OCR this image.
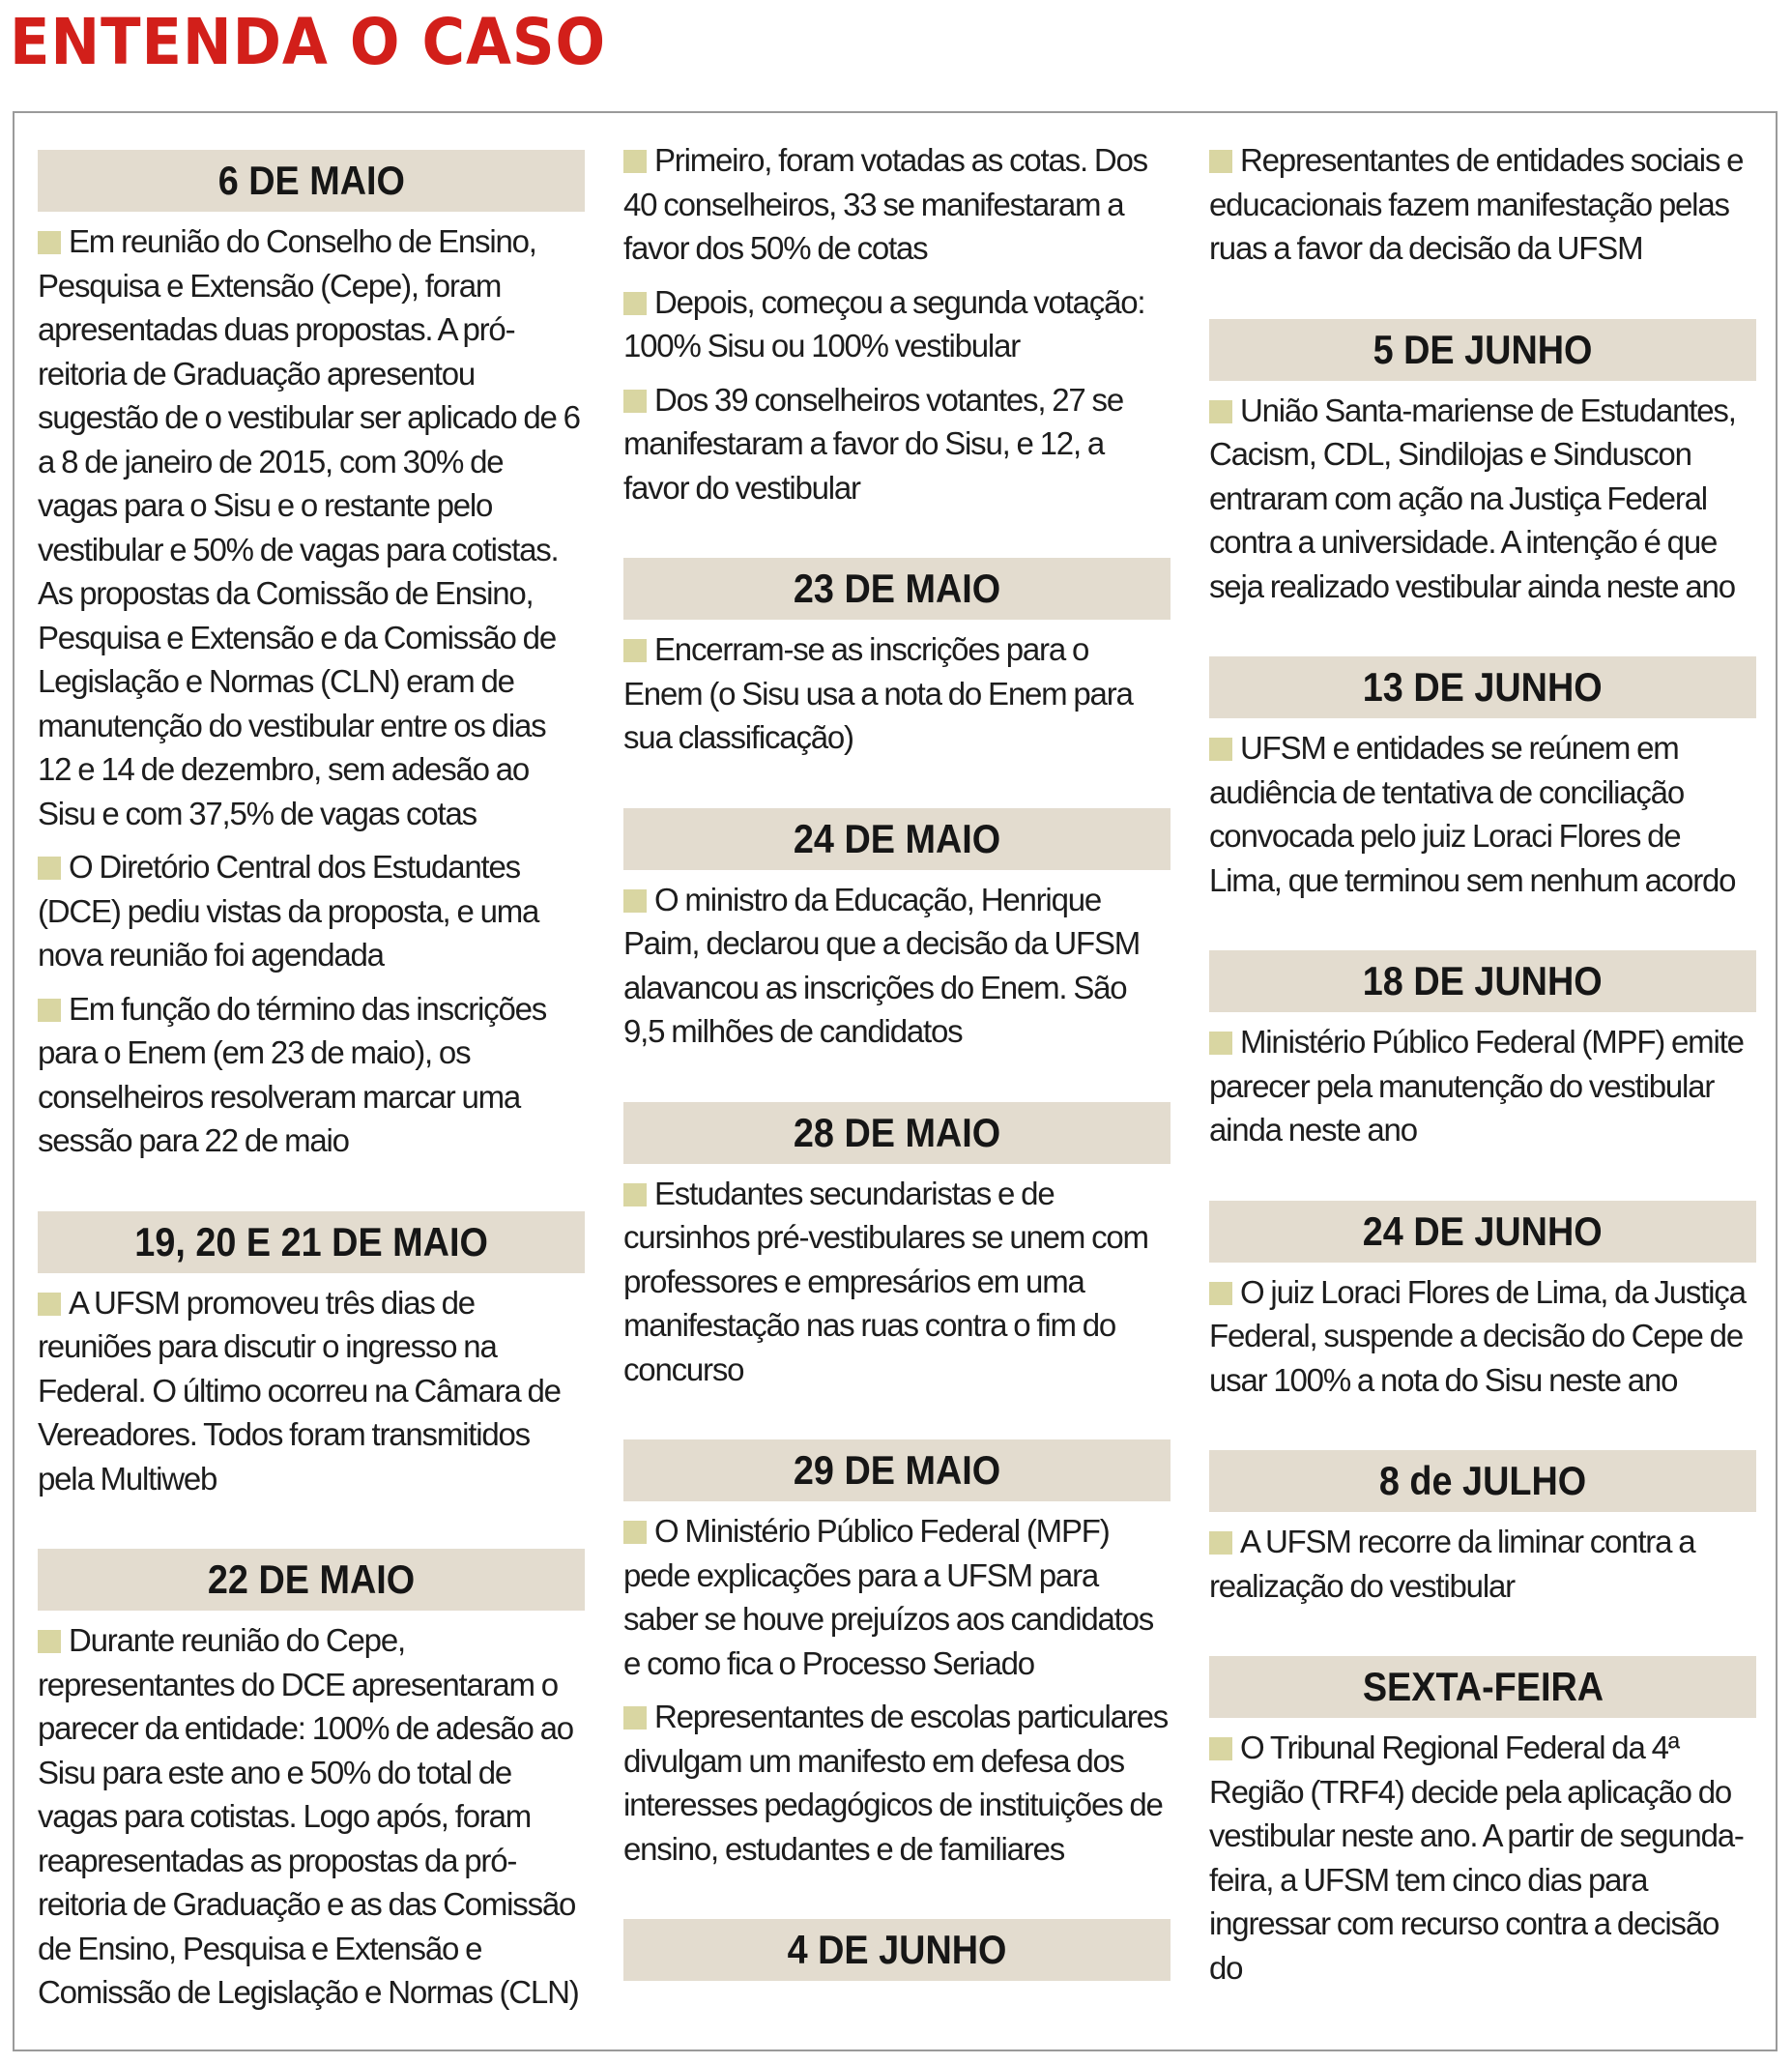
ENTENDA O CASO
6 DE MAIO

Em reunião do Conselho de Ensino, Pesquisa e Extensão (Cepe), foram apresentadas duas propostas. A pró-reitoria de Graduação apresentou sugestão de o vestibular ser aplicado de 6 a 8 de janeiro de 2015, com 30% de vagas para o Sisu e o restante pelo vestibular e 50% de vagas para cotistas. As propostas da Comissão de Ensino, Pesquisa e Extensão e da Comissão de Legislação e Normas (CLN) eram de manutenção do vestibular entre os dias 12 e 14 de dezembro, sem adesão ao Sisu e com 37,5% de vagas cotas

O Diretório Central dos Estudantes (DCE) pediu vistas da proposta, e uma nova reunião foi agendada

Em função do término das inscrições para o Enem (em 23 de maio), os conselheiros resolveram marcar uma sessão para 22 de maio

19, 20 E 21 DE MAIO

A UFSM promoveu três dias de reuniões para discutir o ingresso na Federal. O último ocorreu na Câmara de Vereadores. Todos foram transmitidos pela Multiweb

22 DE MAIO

Durante reunião do Cepe, representantes do DCE apresentaram o parecer da entidade: 100% de adesão ao Sisu para este ano e 50% do total de vagas para cotistas. Logo após, foram reapresentadas as propostas da pró-reitoria de Graduação e as das Comissão de Ensino, Pesquisa e Extensão e Comissão de Legislação e Normas (CLN)

Primeiro, foram votadas as cotas. Dos 40 conselheiros, 33 se manifestaram a favor dos 50% de cotas

Depois, começou a segunda votação: 100% Sisu ou 100% vestibular

Dos 39 conselheiros votantes, 27 se manifestaram a favor do Sisu, e 12, a favor do vestibular

23 DE MAIO

Encerram-se as inscrições para o Enem (o Sisu usa a nota do Enem para sua classificação)

24 DE MAIO

O ministro da Educação, Henrique Paim, declarou que a decisão da UFSM alavancou as inscrições do Enem. São 9,5 milhões de candidatos

28 DE MAIO

Estudantes secundaristas e de cursinhos pré-vestibulares se unem com professores e empresários em uma manifestação nas ruas contra o fim do concurso

29 DE MAIO

O Ministério Público Federal (MPF) pede explicações para a UFSM para saber se houve prejuízos aos candidatos e como fica o Processo Seriado

Representantes de escolas particulares divulgam um manifesto em defesa dos interesses pedagógicos de instituições de ensino, estudantes e de familiares

4 DE JUNHO

Representantes de entidades sociais e educacionais fazem manifestação pelas ruas a favor da decisão da UFSM

5 DE JUNHO

União Santa-mariense de Estudantes, Cacism, CDL, Sindilojas e Sinduscon entraram com ação na Justiça Federal contra a universidade. A intenção é que seja realizado vestibular ainda neste ano

13 DE JUNHO

UFSM e entidades se reúnem em audiência de tentativa de conciliação convocada pelo juiz Loraci Flores de Lima, que terminou sem nenhum acordo

18 DE JUNHO

Ministério Público Federal (MPF) emite parecer pela manutenção do vestibular ainda neste ano

24 DE JUNHO

O juiz Loraci Flores de Lima, da Justiça Federal, suspende a decisão do Cepe de usar 100% a nota do Sisu neste ano

8 de JULHO

A UFSM recorre da liminar contra a realização do vestibular

SEXTA-FEIRA

O Tribunal Regional Federal da 4ª Região (TRF4) decide pela aplicação do vestibular neste ano. A partir de segunda-feira, a UFSM tem cinco dias para ingressar com recurso contra a decisão do
